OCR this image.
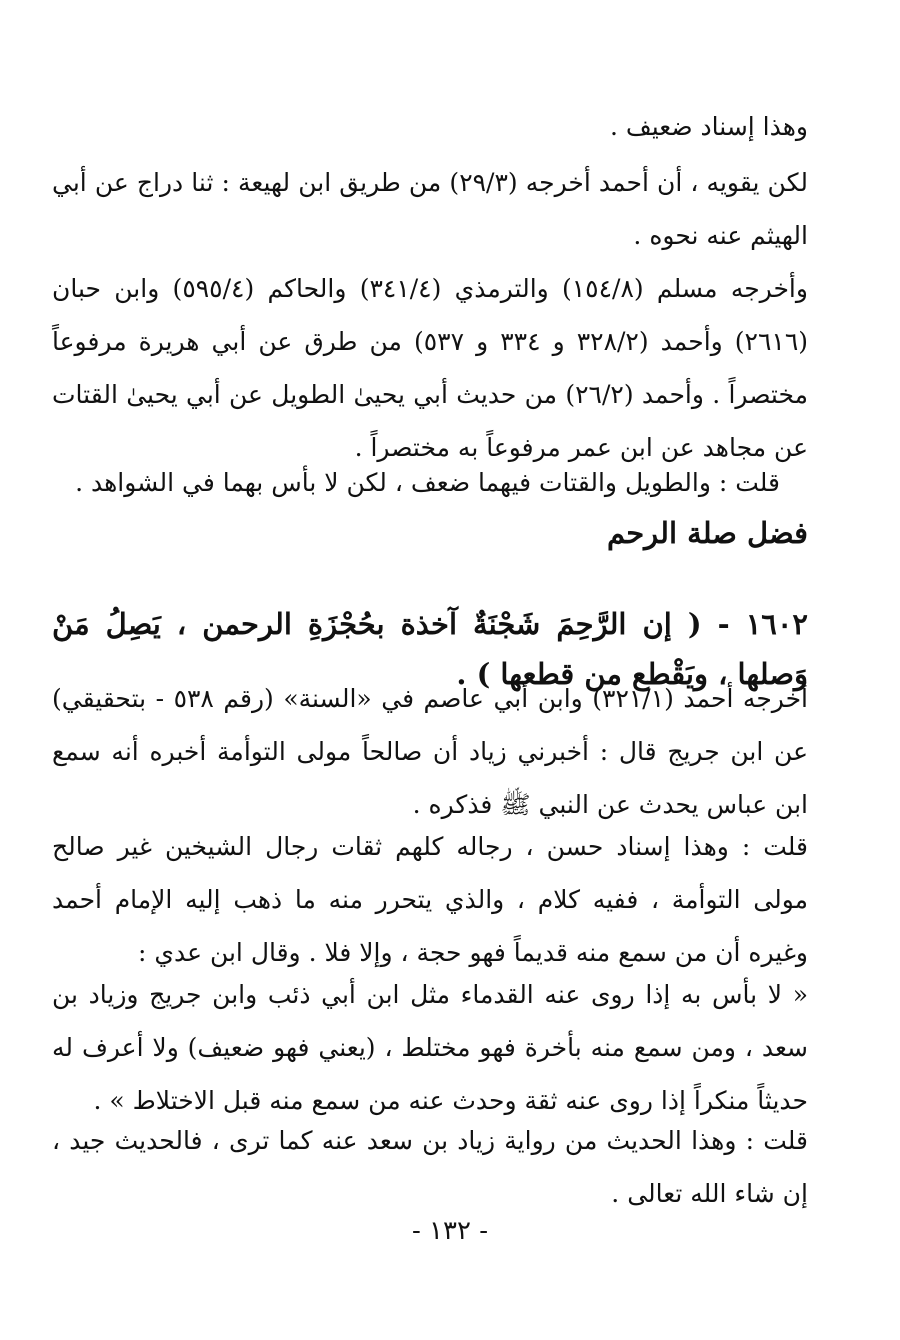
وهذا إسناد ضعيف .

لكن يقويه ، أن أحمد أخرجه (٢٩/٣) من طريق ابن لهيعة : ثنا دراج عن أبي الهيثم عنه نحوه .

وأخرجه مسلم (١٥٤/٨) والترمذي (٣٤١/٤) والحاكم (٥٩٥/٤) وابن حبان (٢٦١٦) وأحمد (٣٢٨/٢ و ٣٣٤ و ٥٣٧) من طرق عن أبي هريرة مرفوعاً مختصراً . وأحمد (٢٦/٢) من حديث أبي يحيىٰ الطويل عن أبي يحيىٰ القتات عن مجاهد عن ابن عمر مرفوعاً به مختصراً .

قلت : والطويل والقتات فيهما ضعف ، لكن لا بأس بهما في الشواهد .

فضل صلة الرحم

١٦٠٢ - ( إن الرَّحِمَ شَجْنَةٌ آخذة بحُجْزَةِ الرحمن ، يَصِلُ مَنْ وَصلها ، ويَقْطع من قطعها ) .

أخرجه أحمد (٣٢١/١) وابن أبي عاصم في «السنة» (رقم ٥٣٨ - بتحقيقي) عن ابن جريج قال : أخبرني زياد أن صالحاً مولى التوأمة أخبره أنه سمع ابن عباس يحدث عن النبي ﷺ فذكره .

قلت : وهذا إسناد حسن ، رجاله كلهم ثقات رجال الشيخين غير صالح مولى التوأمة ، ففيه كلام ، والذي يتحرر منه ما ذهب إليه الإمام أحمد وغيره أن من سمع منه قديماً فهو حجة ، وإلا فلا . وقال ابن عدي :

« لا بأس به إذا روى عنه القدماء مثل ابن أبي ذئب وابن جريج وزياد بن سعد ، ومن سمع منه بأخرة فهو مختلط ، (يعني فهو ضعيف) ولا أعرف له حديثاً منكراً إذا روى عنه ثقة وحدث عنه من سمع منه قبل الاختلاط » .

قلت : وهذا الحديث من رواية زياد بن سعد عنه كما ترى ، فالحديث جيد ، إن شاء الله تعالى .

- ١٣٢ -
